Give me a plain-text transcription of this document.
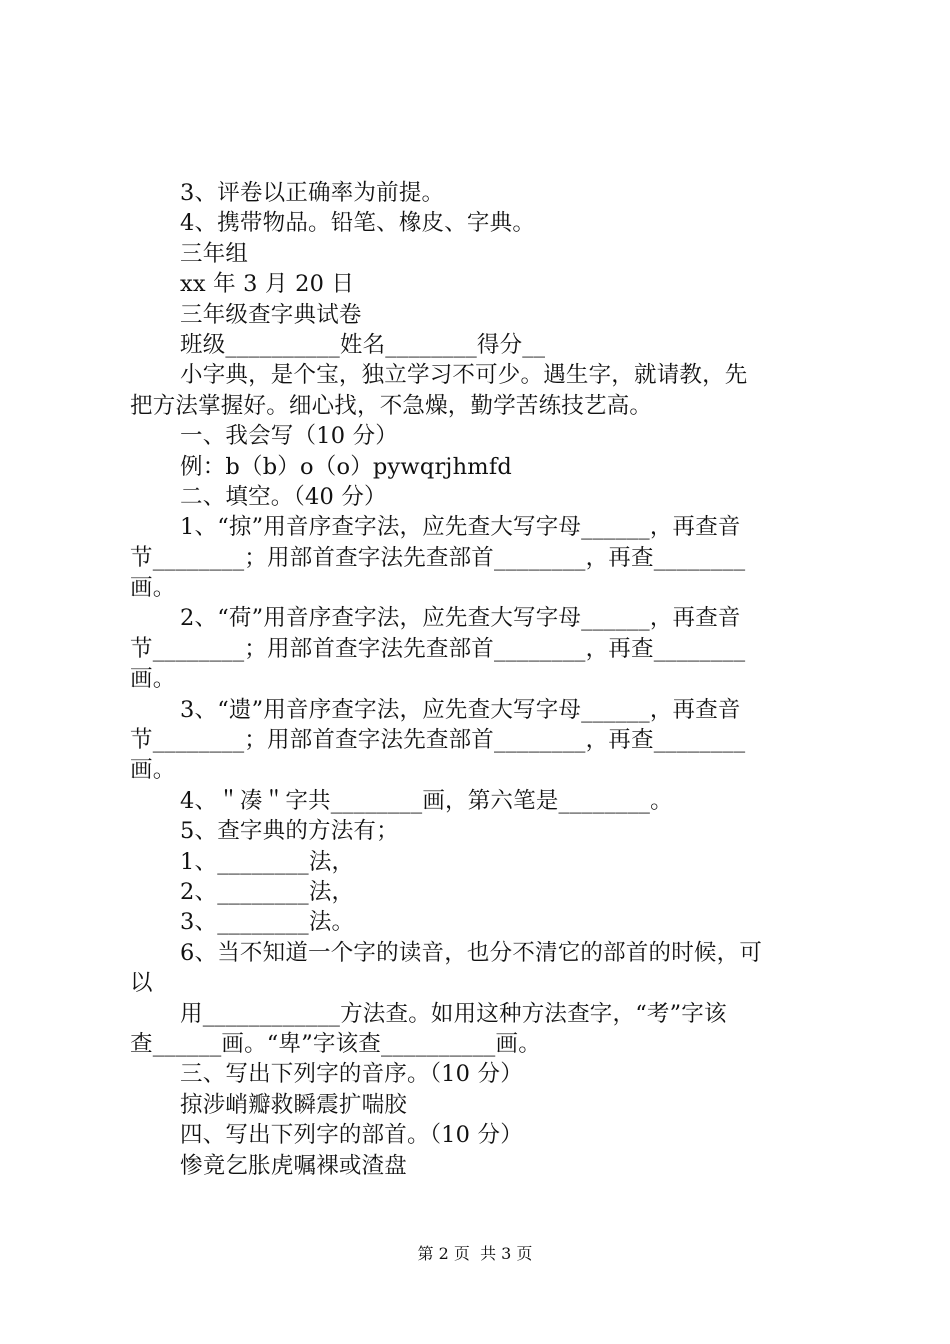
3、评卷以正确率为前提。
4、携带物品。铅笔、橡皮、字典。
三年组
xx 年 3 月 20 日
三年级查字典试卷
班级__________姓名________得分__
小字典，是个宝，独立学习不可少。遇生字，就请教，先
把方法掌握好。细心找，不急燥，勤学苦练技艺高。
一、我会写（10 分）
例：b（b）o（o）pywqrjhmfd
二、填空。（40 分）
1、“掠”用音序查字法，应先查大写字母______，再查音
节________；用部首查字法先查部首________，再查________
画。
2、“荷”用音序查字法，应先查大写字母______，再查音
节________；用部首查字法先查部首________，再查________
画。
3、“遗”用音序查字法，应先查大写字母______，再查音
节________；用部首查字法先查部首________，再查________
画。
4、＂凑＂字共________画，第六笔是________。
5、查字典的方法有；
1、________法，
2、________法，
3、________法。
6、当不知道一个字的读音，也分不清它的部首的时候，可
以
用____________方法查。如用这种方法查字，“考”字该
查______画。“卑”字该查__________画。
三、写出下列字的音序。（10 分）
掠涉峭瓣救瞬震扩喘胶
四、写出下列字的部首。（10 分）
惨竟乞胀虎嘱裸或渣盘
第 2 页  共 3 页
